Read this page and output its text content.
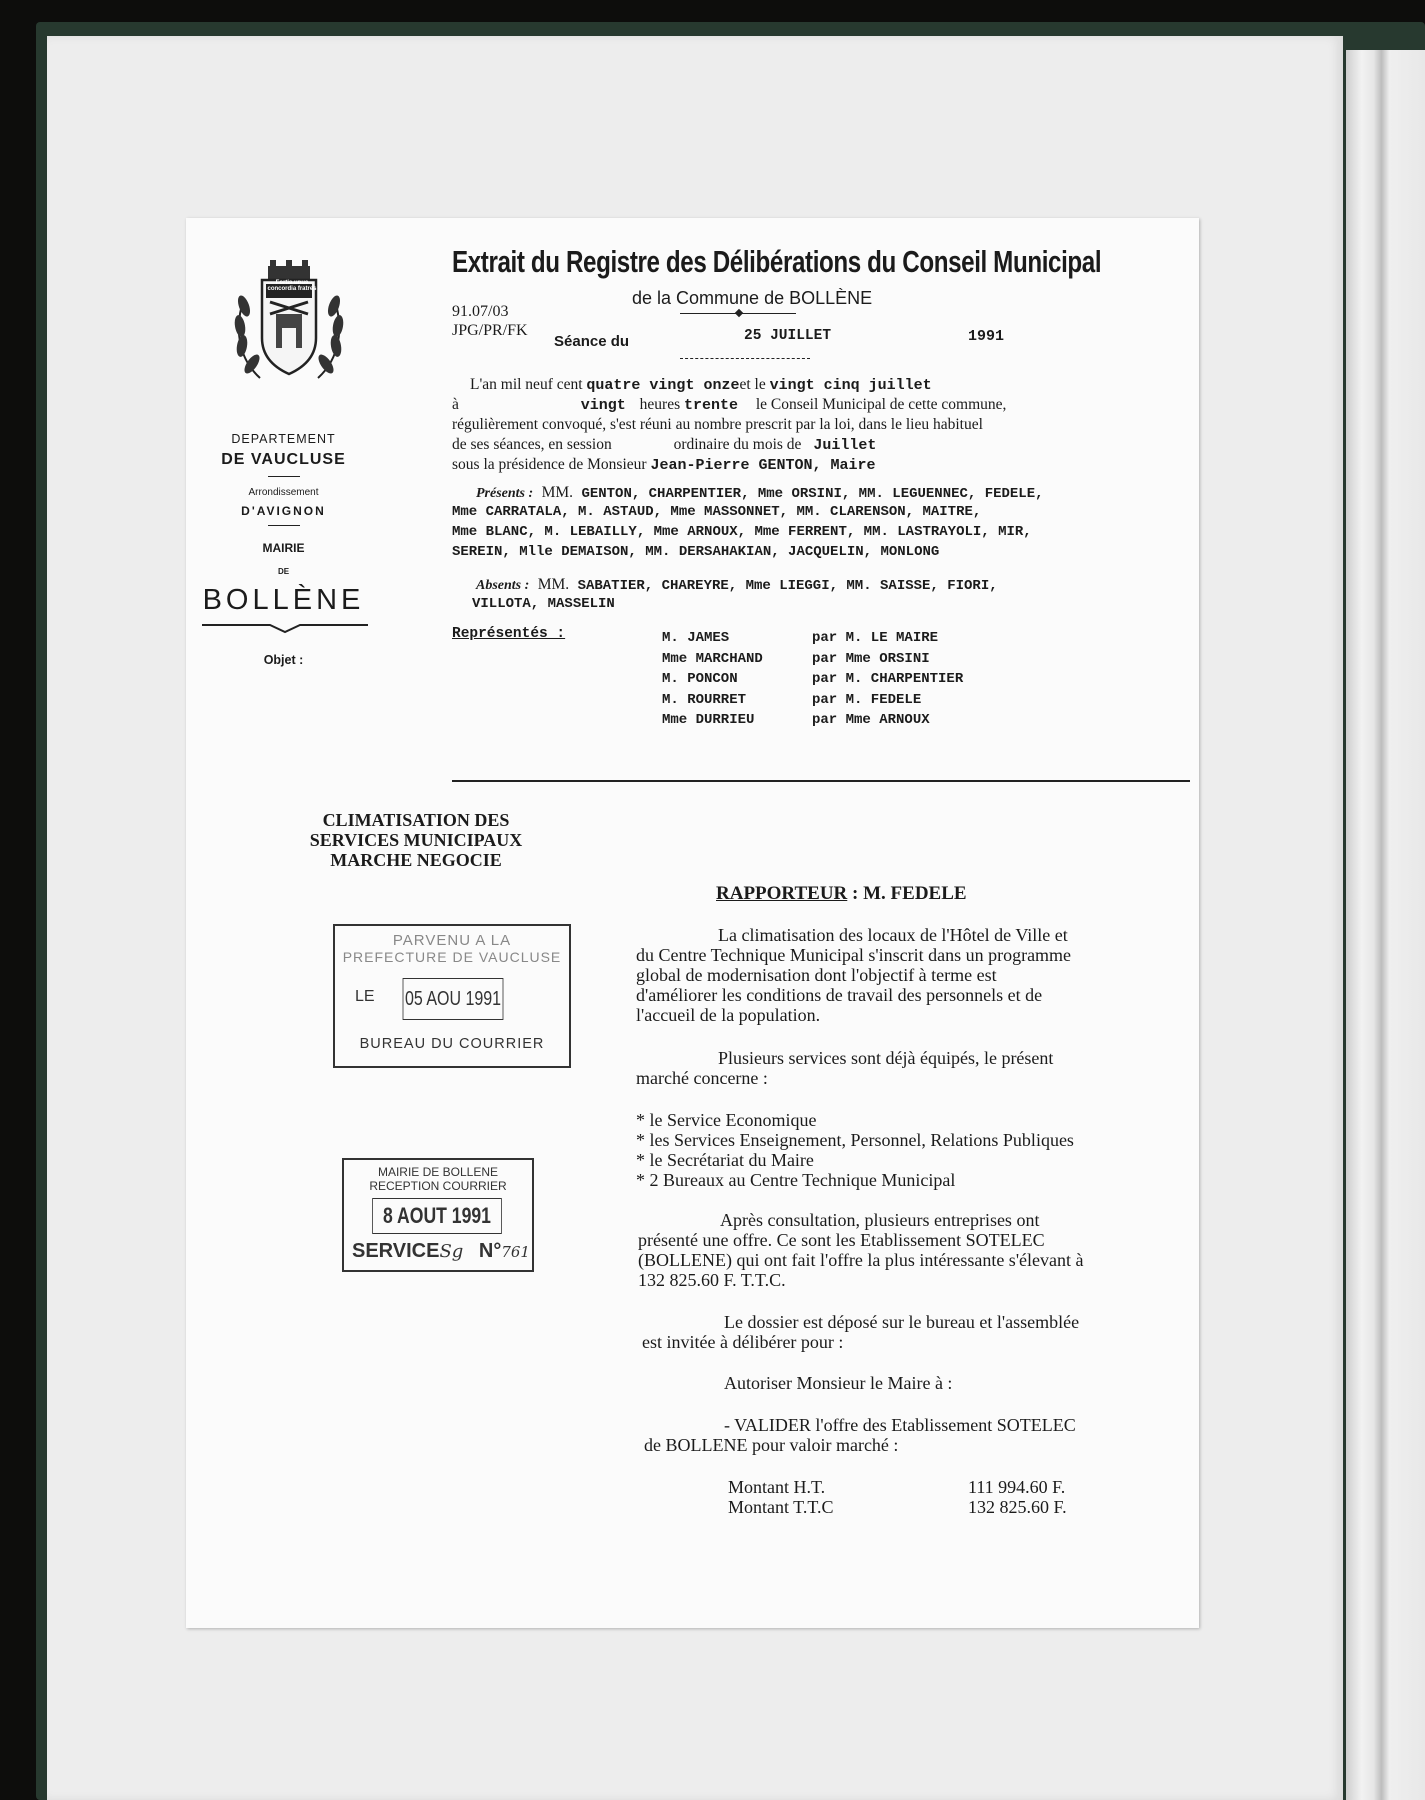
Fortis unus concordia fratres
DEPARTEMENT
DE VAUCLUSE
Arrondissement
D'AVIGNON
MAIRIE
DE
BOLLÈNE
Objet :
Extrait du Registre des Délibérations du Conseil Municipal
de la Commune de BOLLÈNE
91.07/03
JPG/PR/FK
Séance du	25 JUILLET	1991
L'an mil neuf cent quatre vingt onzeet le vingt cinq juillet
à	vingt heures trente le Conseil Municipal de cette commune,
régulièrement convoqué, s'est réuni au nombre prescrit par la loi, dans le lieu habituel
de ses séances, en session	ordinaire du mois de Juillet
sous la présidence de Monsieur Jean-Pierre GENTON, Maire
Présents : MM. GENTON, CHARPENTIER, Mme ORSINI, MM. LEGUENNEC, FEDELE,
Mme CARRATALA, M. ASTAUD, Mme MASSONNET, MM. CLARENSON, MAITRE,
Mme BLANC, M. LEBAILLY, Mme ARNOUX, Mme FERRENT, MM. LASTRAYOLI, MIR,
SEREIN, Mlle DEMAISON, MM. DERSAHAKIAN, JACQUELIN, MONLONG
Absents : MM. SABATIER, CHAREYRE, Mme LIEGGI, MM. SAISSE, FIORI,
VILLOTA, MASSELIN
Représentés :	M. JAMES	par M. LE MAIRE
Mme MARCHAND	par Mme ORSINI
M. PONCON	par M. CHARPENTIER
M. ROURRET	par M. FEDELE
Mme DURRIEU	par Mme ARNOUX
CLIMATISATION DES
SERVICES MUNICIPAUX
MARCHE NEGOCIE
PARVENU A LA
PREFECTURE DE VAUCLUSE
LE 05 AOU 1991
BUREAU DU COURRIER
MAIRIE DE BOLLENE
RECEPTION COURRIER
8 AOUT 1991
SERVICESg N°761
RAPPORTEUR : M. FEDELE
La climatisation des locaux de l'Hôtel de Ville et
du Centre Technique Municipal s'inscrit dans un programme
global de modernisation dont l'objectif à terme est
d'améliorer les conditions de travail des personnels et de
l'accueil de la population.
Plusieurs services sont déjà équipés, le présent
marché concerne :
* le Service Economique
* les Services Enseignement, Personnel, Relations Publiques
* le Secrétariat du Maire
* 2 Bureaux au Centre Technique Municipal
Après consultation, plusieurs entreprises ont
présenté une offre. Ce sont les Etablissement SOTELEC
(BOLLENE) qui ont fait l'offre la plus intéressante s'élevant à
132 825.60 F. T.T.C.
Le dossier est déposé sur le bureau et l'assemblée
est invitée à délibérer pour :
Autoriser Monsieur le Maire à :
- VALIDER l'offre des Etablissement SOTELEC
de BOLLENE pour valoir marché :
Montant H.T.	111 994.60 F.
Montant T.T.C	132 825.60 F.
